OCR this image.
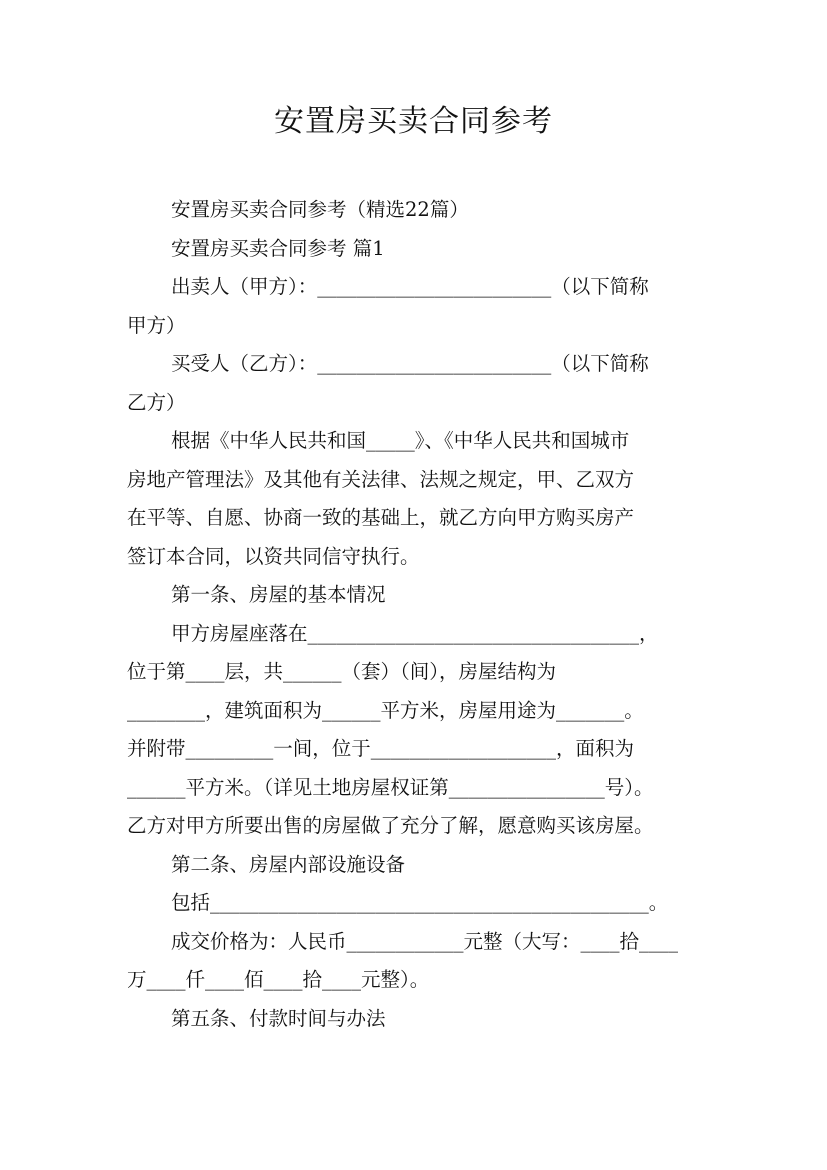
安置房买卖合同参考
安置房买卖合同参考（精选22篇）
安置房买卖合同参考 篇1
出卖人（甲方）：________________________（以下简称
甲方）
买受人（乙方）：________________________（以下简称
乙方）
根据《中华人民共和国_____》、《中华人民共和国城市
房地产管理法》及其他有关法律、法规之规定，甲、乙双方
在平等、自愿、协商一致的基础上，就乙方向甲方购买房产
签订本合同，以资共同信守执行。
第一条、房屋的基本情况
甲方房屋座落在__________________________________，
位于第____层，共______（套）（间），房屋结构为
________，建筑面积为______平方米，房屋用途为_______。
并附带_________一间，位于___________________，面积为
______平方米。（详见土地房屋权证第________________号）。
乙方对甲方所要出售的房屋做了充分了解，愿意购买该房屋。
第二条、房屋内部设施设备
包括_____________________________________________。
成交价格为：人民币____________元整（大写：____拾____
万____仟____佰____拾____元整）。
第五条、付款时间与办法
